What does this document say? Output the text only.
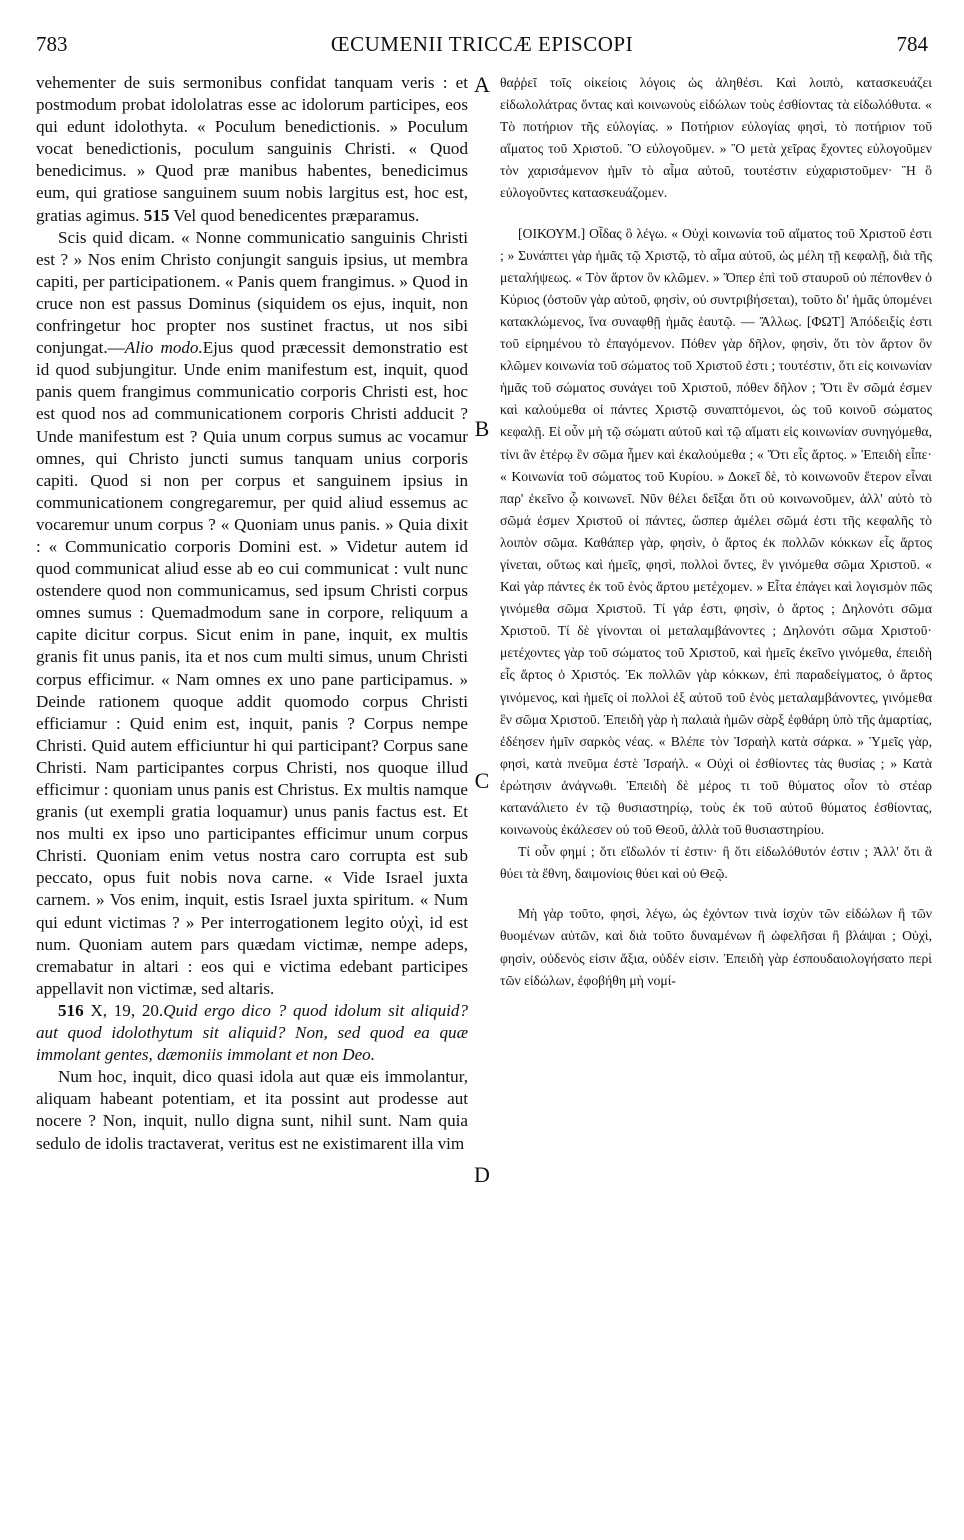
783	ŒCUMENII TRICCÆ EPISCOPI	784

vehementer de suis sermonibus confidat tanquam veris : et postmodum probat idololatras esse ac idolorum participes, eos qui edunt idolothyta. « Poculum benedictionis. » Poculum vocat benedictionis, poculum sanguinis Christi. « Quod benedicimus. » Quod præ manibus habentes, benedicimus eum, qui gratiose sanguinem suum nobis largitus est, hoc est, gratias agimus. 515 Vel quod benedicentes præparamus.

Scis quid dicam. « Nonne communicatio sanguinis Christi est ? » Nos enim Christo conjungit sanguis ipsius, ut membra capiti, per participationem. « Panis quem frangimus. » Quod in cruce non est passus Dominus (siquidem os ejus, inquit, non confringetur hoc propter nos sustinet fractus, ut nos sibi conjungat.—Alio modo.Ejus quod præcessit demonstratio est id quod subjungitur. Unde enim manifestum est, inquit, quod panis quem frangimus communicatio corporis Christi est, hoc est quod nos ad communicationem corporis Christi adducit ? Unde manifestum est ? Quia unum corpus sumus ac vocamur omnes, qui Christo juncti sumus tanquam unius corporis capiti. Quod si non per corpus et sanguinem ipsius in communicationem congregaremur, per quid aliud essemus ac vocaremur unum corpus ? « Quoniam unus panis. » Quia dixit : « Communicatio corporis Domini est. » Videtur autem id quod communicat aliud esse ab eo cui communicat : vult nunc ostendere quod non communicamus, sed ipsum Christi corpus omnes sumus : Quemadmodum sane in corpore, reliquum a capite dicitur corpus. Sicut enim in pane, inquit, ex multis granis fit unus panis, ita et nos cum multi simus, unum Christi corpus efficimur. « Nam omnes ex uno pane participamus. » Deinde rationem quoque addit quomodo corpus Christi efficiamur : Quid enim est, inquit, panis ? Corpus nempe Christi. Quid autem efficiuntur hi qui participant? Corpus sane Christi. Nam participantes corpus Christi, nos quoque illud efficimur : quoniam unus panis est Christus. Ex multis namque granis (ut exempli gratia loquamur) unus panis factus est. Et nos multi ex ipso uno participantes efficimur unum corpus Christi. Quoniam enim vetus nostra caro corrupta est sub peccato, opus fuit nobis nova carne. « Vide Israel juxta carnem. » Vos enim, inquit, estis Israel juxta spiritum. « Num qui edunt victimas ? » Per interrogationem legito οὐχὶ, id est num. Quoniam autem pars quædam victimæ, nempe adeps, cremabatur in altari : eos qui e victima edebant participes appellavit non victimæ, sed altaris.

516 X, 19, 20.Quid ergo dico ? quod idolum sit aliquid? aut quod idolothytum sit aliquid? Non, sed quod ea quæ immolant gentes, dæmoniis immolant et non Deo.

Num hoc, inquit, dico quasi idola aut quæ eis immolantur, aliquam habeant potentiam, et ita possint aut prodesse aut nocere ? Non, inquit, nullo digna sunt, nihil sunt. Nam quia sedulo de idolis tractaverat, veritus est ne existimarent illa vim

A
B
C
D

θαῤῥεῖ τοῖς οἰκείοις λόγοις ὡς ἀληθέσι. Καὶ λοιπὸ, κατασκευάζει εἰδωλολάτρας ὄντας καὶ κοινωνοὺς εἰδώλων τοὺς ἐσθίοντας τὰ εἰδωλόθυτα. « Τὸ ποτήριον τῆς εὐλογίας. » Ποτήριον εὐλογίας φησὶ, τὸ ποτήριον τοῦ αἵματος τοῦ Χριστοῦ. Ὃ εὐλογοῦμεν. » Ὃ μετὰ χεῖρας ἔχοντες εὐλογοῦμεν τὸν χαρισάμενον ἡμῖν τὸ αἷμα αὐτοῦ, τουτέστιν εὐχαριστοῦμεν· Ἢ ὃ εὐλογοῦντες κατασκευάζομεν.

[ΟΙΚΟΥΜ.] Οἶδας ὃ λέγω. « Οὐχὶ κοινωνία τοῦ αἵματος τοῦ Χριστοῦ ἐστι ; » Συνάπτει γὰρ ἡμᾶς τῷ Χριστῷ, τὸ αἷμα αὐτοῦ, ὡς μέλη τῇ κεφαλῇ, διὰ τῆς μεταλήψεως. « Τὸν ἄρτον ὃν κλῶμεν. » Ὅπερ ἐπὶ τοῦ σταυροῦ οὐ πέπονθεν ὁ Κύριος (ὀστοῦν γὰρ αὐτοῦ, φησὶν, οὐ συντριβήσεται), τοῦτο δι' ἡμᾶς ὑπομένει κατακλώμενος, ἵνα συναφθῇ ἡμᾶς ἑαυτῷ. — Ἄλλως. [ΦΩΤ] Ἀπόδειξίς ἐστι τοῦ εἰρημένου τὸ ἐπαγόμενον. Πόθεν γὰρ δῆλον, φησὶν, ὅτι τὸν ἄρτον ὃν κλῶμεν κοινωνία τοῦ σώματος τοῦ Χριστοῦ ἐστι ; τουτέστιν, ὅτι εἰς κοινωνίαν ἡμᾶς τοῦ σώματος συνάγει τοῦ Χριστοῦ, πόθεν δῆλον ; Ὅτι ἓν σῶμά ἐσμεν καὶ καλούμεθα οἱ πάντες Χριστῷ συναπτόμενοι, ὡς τοῦ κοινοῦ σώματος κεφαλῇ. Εἰ οὖν μὴ τῷ σώματι αὐτοῦ καὶ τῷ αἵματι εἰς κοινωνίαν συνηγόμεθα, τίνι ἂν ἑτέρῳ ἓν σῶμα ἦμεν καὶ ἐκαλούμεθα ; « Ὅτι εἷς ἄρτος. » Ἐπειδὴ εἶπε· « Κοινωνία τοῦ σώματος τοῦ Κυρίου. » Δοκεῖ δὲ, τὸ κοινωνοῦν ἕτερον εἶναι παρ' ἐκεῖνο ᾧ κοινωνεῖ. Νῦν θέλει δεῖξαι ὅτι οὐ κοινωνοῦμεν, ἀλλ' αὐτὸ τὸ σῶμά ἐσμεν Χριστοῦ οἱ πάντες, ὥσπερ ἀμέλει σῶμά ἐστι τῆς κεφαλῆς τὸ λοιπὸν σῶμα. Καθάπερ γὰρ, φησὶν, ὁ ἄρτος ἐκ πολλῶν κόκκων εἷς ἄρτος γίνεται, οὕτως καὶ ἡμεῖς, φησὶ, πολλοὶ ὄντες, ἓν γινόμεθα σῶμα Χριστοῦ. « Καὶ γὰρ πάντες ἐκ τοῦ ἑνὸς ἄρτου μετέχομεν. » Εἶτα ἐπάγει καὶ λογισμὸν πῶς γινόμεθα σῶμα Χριστοῦ. Τί γάρ ἐστι, φησὶν, ὁ ἄρτος ; Δηλονότι σῶμα Χριστοῦ. Τί δὲ γίνονται οἱ μεταλαμβάνοντες ; Δηλονότι σῶμα Χριστοῦ· μετέχοντες γὰρ τοῦ σώματος τοῦ Χριστοῦ, καὶ ἡμεῖς ἐκεῖνο γινόμεθα, ἐπειδὴ εἷς ἄρτος ὁ Χριστός. Ἐκ πολλῶν γὰρ κόκκων, ἐπὶ παραδείγματος, ὁ ἄρτος γινόμενος, καὶ ἡμεῖς οἱ πολλοὶ ἐξ αὐτοῦ τοῦ ἑνὸς μεταλαμβάνοντες, γινόμεθα ἓν σῶμα Χριστοῦ. Ἐπειδὴ γὰρ ἡ παλαιὰ ἡμῶν σὰρξ ἐφθάρη ὑπὸ τῆς ἁμαρτίας, ἐδέησεν ἡμῖν σαρκὸς νέας. « Βλέπε τὸν Ἰσραὴλ κατὰ σάρκα. » Ὑμεῖς γὰρ, φησὶ, κατὰ πνεῦμα ἐστὲ Ἰσραήλ. « Οὐχὶ οἱ ἐσθίοντες τὰς θυσίας ; » Κατὰ ἐρώτησιν ἀνάγνωθι. Ἐπειδὴ δὲ μέρος τι τοῦ θύματος οἷον τὸ στέαρ κατανάλιετο ἐν τῷ θυσιαστηρίῳ, τοὺς ἐκ τοῦ αὐτοῦ θύματος ἐσθίοντας, κοινωνοὺς ἐκάλεσεν οὐ τοῦ Θεοῦ, ἀλλὰ τοῦ θυσιαστηρίου.

Τί οὖν φημί ; ὅτι εἴδωλόν τί ἐστιν· ἢ ὅτι εἰδωλόθυτόν ἐστιν ; Ἀλλ' ὅτι ἃ θύει τὰ ἔθνη, δαιμονίοις θύει καὶ οὐ Θεῷ.

Μὴ γὰρ τοῦτο, φησὶ, λέγω, ὡς ἐχόντων τινὰ ἰσχὺν τῶν εἰδώλων ἢ τῶν θυομένων αὐτῶν, καὶ διὰ τοῦτο δυναμένων ἢ ὠφελῆσαι ἢ βλάψαι ; Οὐχὶ, φησὶν, οὐδενὸς εἰσιν ἄξια, οὐδέν εἰσιν. Ἐπειδὴ γὰρ ἐσπουδαιολογήσατο περὶ τῶν εἰδώλων, ἐφοβήθη μὴ νομί-
